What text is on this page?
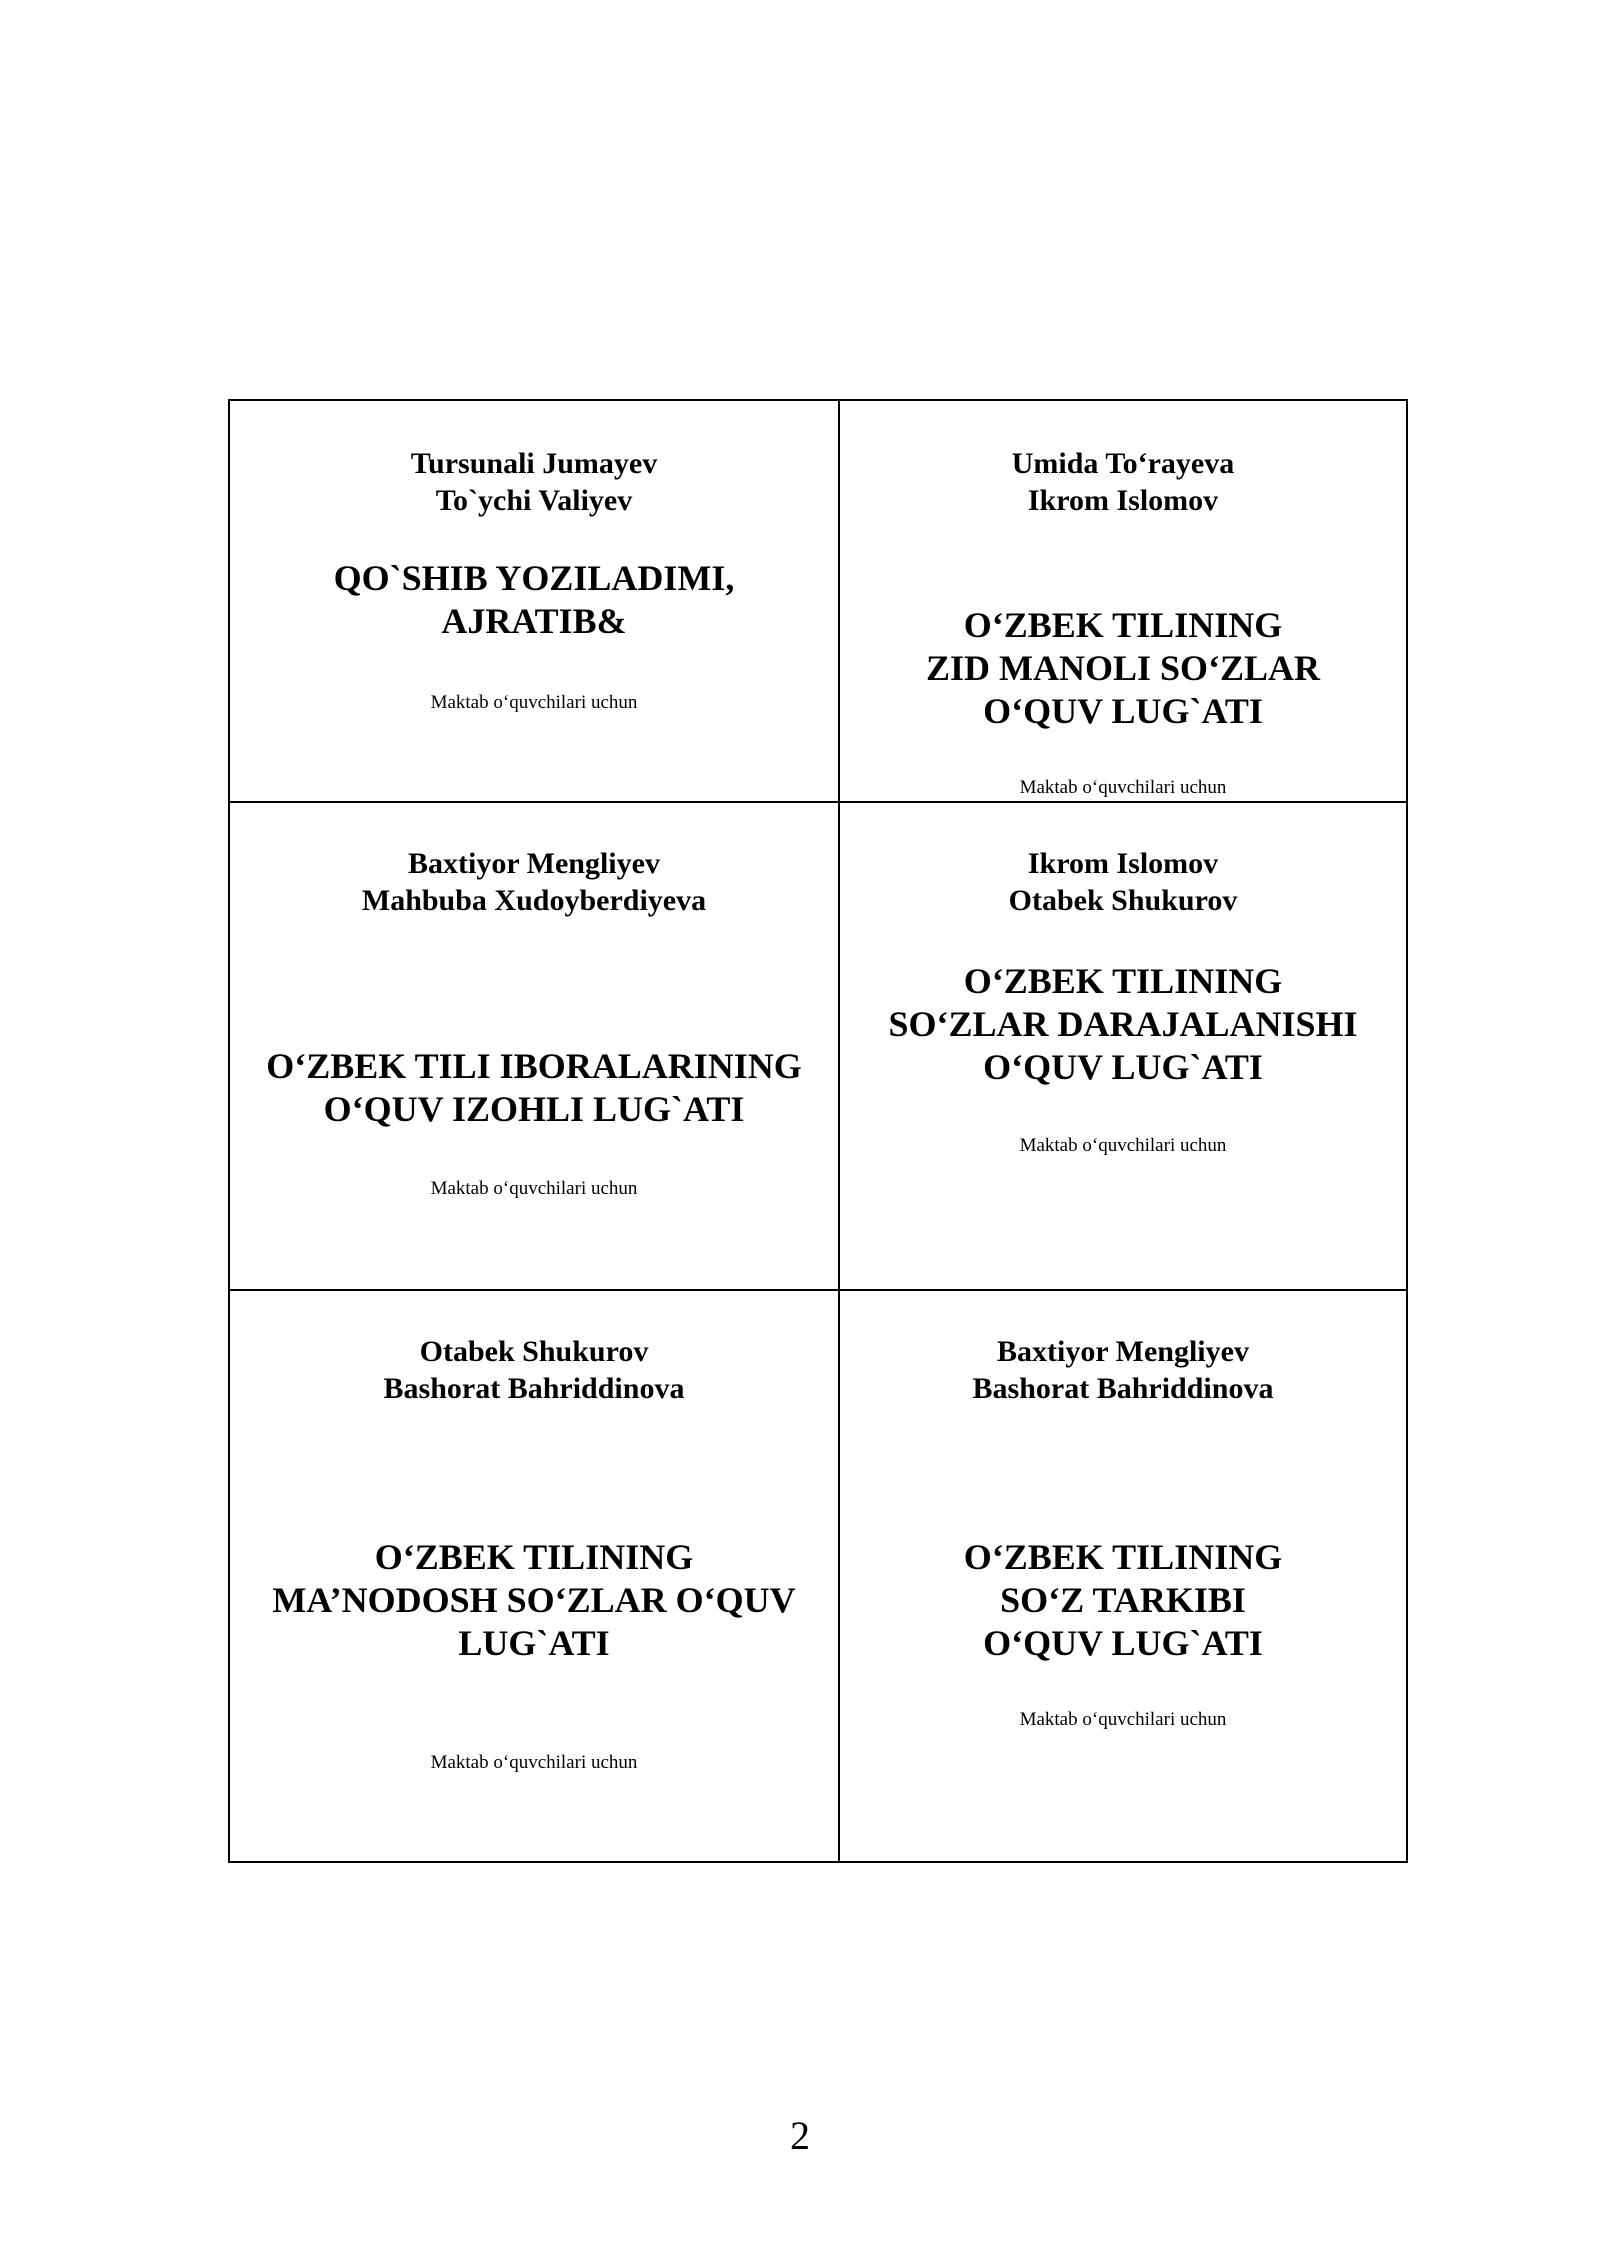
Tursunali Jumayev
To`ychi Valiyev
QO`SHIB YOZILADIMI,
AJRATIB&
Maktab o‘quvchilari uchun
Umida To‘rayeva
Ikrom Islomov
O‘ZBEK TILINING
ZID MANOLI SO‘ZLAR
O‘QUV LUG`ATI
Maktab o‘quvchilari uchun
Baxtiyor Mengliyev
Mahbuba Xudoyberdiyeva
O‘ZBEK TILI IBORALARINING
O‘QUV IZOHLI LUG`ATI
Maktab o‘quvchilari uchun
Ikrom Islomov
Otabek Shukurov
O‘ZBEK TILINING
SO‘ZLAR DARAJALANISHI
O‘QUV LUG`ATI
Maktab o‘quvchilari uchun
Otabek Shukurov
Bashorat Bahriddinova
O‘ZBEK TILINING
MA’NODOSH SO‘ZLAR O‘QUV
LUG`ATI
Maktab o‘quvchilari uchun
Baxtiyor Mengliyev
Bashorat Bahriddinova
O‘ZBEK TILINING
SO‘Z TARKIBI
O‘QUV LUG`ATI
Maktab o‘quvchilari uchun
2
